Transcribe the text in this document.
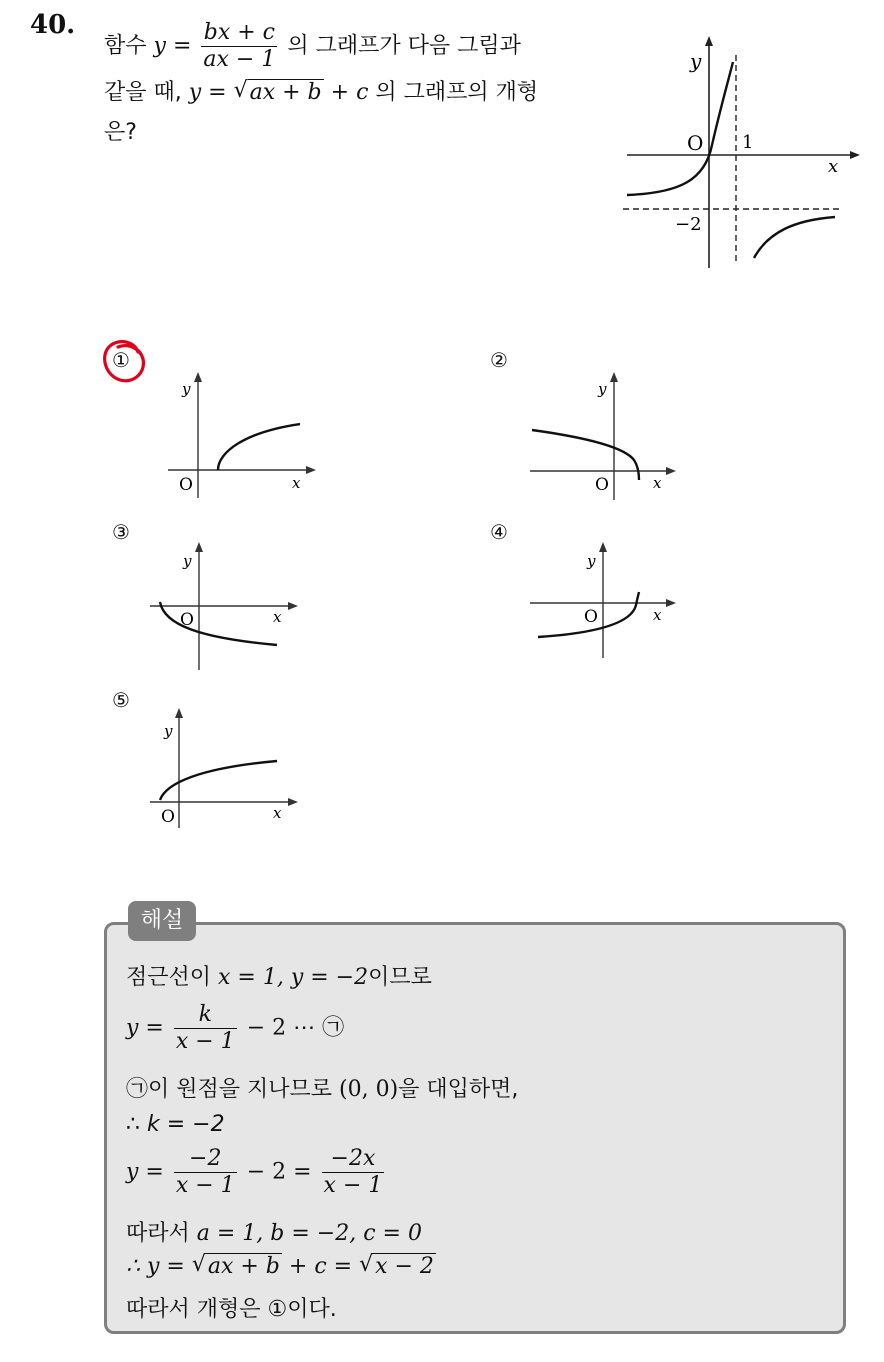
40.
함수 $y = \frac{bx + c}{ax - 1}$ 의 그래프가 다음 그림과
같을 때, y = √ ax + b + c 의 그래프의 개형
은?
y
x
O 1
−2
①
y
x
O
②
y
x
O
③
y
x
O
④
y
x
O
⑤
y
x
O
해설
점근선이 x = 1, y = −2이므로
$y = \frac{k}{x - 1} - 2$ ⋯ ㉠
㉠이 원점을 지나므로 (0, 0)을 대입하면,
∴ k = −2
$y = \frac{-2}{x - 1} - 2 = \frac{-2x}{x - 1}$
따라서 a = 1, b = −2, c = 0
∴ y = √ ax + b + c = √ x − 2
따라서 개형은 ①이다.
